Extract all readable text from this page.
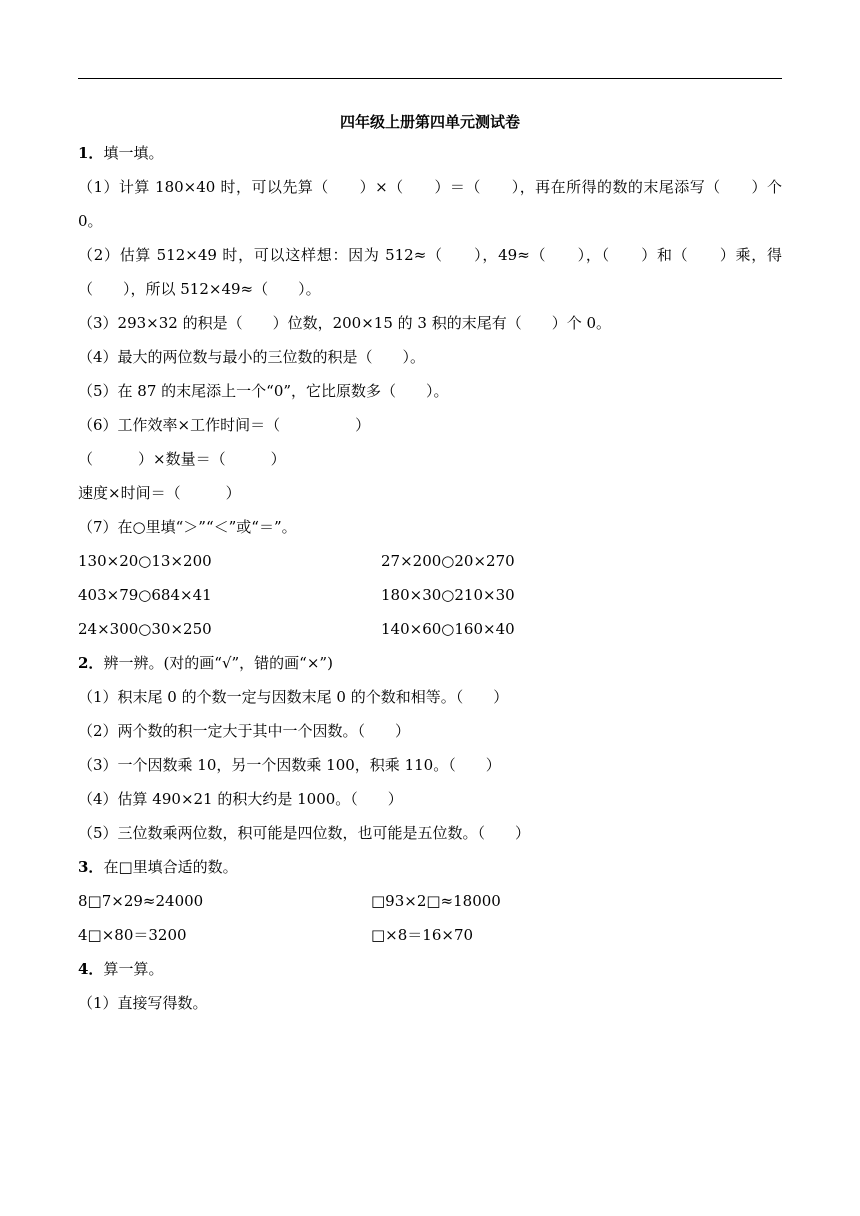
四年级上册第四单元测试卷
1．填一填。
（1）计算 180×40 时，可以先算（　　）×（　　）＝（　　），再在所得的数的末尾添写（　　）个 0。
（2）估算 512×49 时，可以这样想：因为 512≈（　　），49≈（　　），（　　）和（　　）乘，得（　　），所以 512×49≈（　　）。
（3）293×32 的积是（　　）位数，200×15 的 3 积的末尾有（　　）个 0。
（4）最大的两位数与最小的三位数的积是（　　）。
（5）在 87 的末尾添上一个“0”，它比原数多（　　）。
（6）工作效率×工作时间＝（　　　　　）
（　　　）×数量＝（　　　）
速度×时间＝（　　　）
（7）在○里填“＞”“＜”或“＝”。
130×20○13×200	27×200○20×270
403×79○684×41	180×30○210×30
24×300○30×250	140×60○160×40
2．辨一辨。(对的画“√”，错的画“×”)
（1）积末尾 0 的个数一定与因数末尾 0 的个数和相等。（　　）
（2）两个数的积一定大于其中一个因数。（　　）
（3）一个因数乘 10，另一个因数乘 100，积乘 110。（　　）
（4）估算 490×21 的积大约是 1000。（　　）
（5）三位数乘两位数，积可能是四位数，也可能是五位数。（　　）
3．在□里填合适的数。
8□7×29≈24000	□93×2□≈18000
4□×80＝3200	□×8＝16×70
4．算一算。
（1）直接写得数。
